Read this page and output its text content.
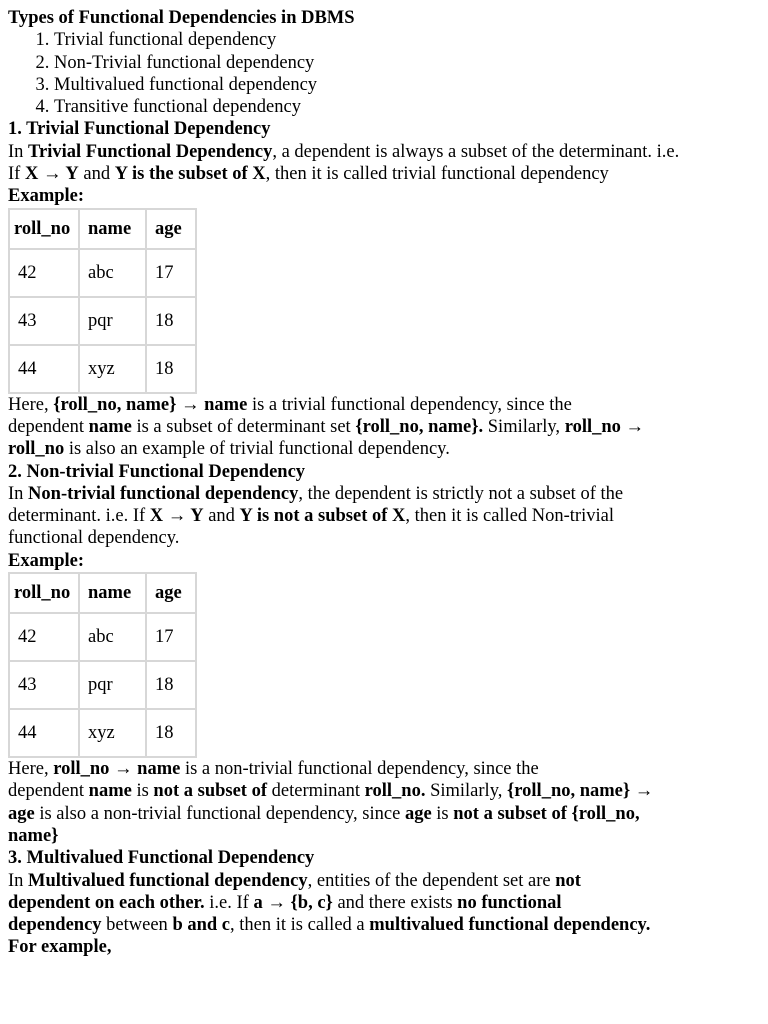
Types of Functional Dependencies in DBMS
1. Trivial functional dependency
2. Non-Trivial functional dependency
3. Multivalued functional dependency
4. Transitive functional dependency
1. Trivial Functional Dependency
In Trivial Functional Dependency, a dependent is always a subset of the determinant. i.e.
If X → Y and Y is the subset of X, then it is called trivial functional dependency
Example:
roll_no	name	age
42	abc	17
43	pqr	18
44	xyz	18
Here, {roll_no, name} → name is a trivial functional dependency, since the
dependent name is a subset of determinant set {roll_no, name}. Similarly, roll_no →
roll_no is also an example of trivial functional dependency.
2. Non-trivial Functional Dependency
In Non-trivial functional dependency, the dependent is strictly not a subset of the
determinant. i.e. If X → Y and Y is not a subset of X, then it is called Non-trivial
functional dependency.
Example:
roll_no	name	age
42	abc	17
43	pqr	18
44	xyz	18
Here, roll_no → name is a non-trivial functional dependency, since the
dependent name is not a subset of determinant roll_no. Similarly, {roll_no, name} →
age is also a non-trivial functional dependency, since age is not a subset of {roll_no,
name}
3. Multivalued Functional Dependency
In Multivalued functional dependency, entities of the dependent set are not
dependent on each other. i.e. If a → {b, c} and there exists no functional
dependency between b and c, then it is called a multivalued functional dependency.
For example,
